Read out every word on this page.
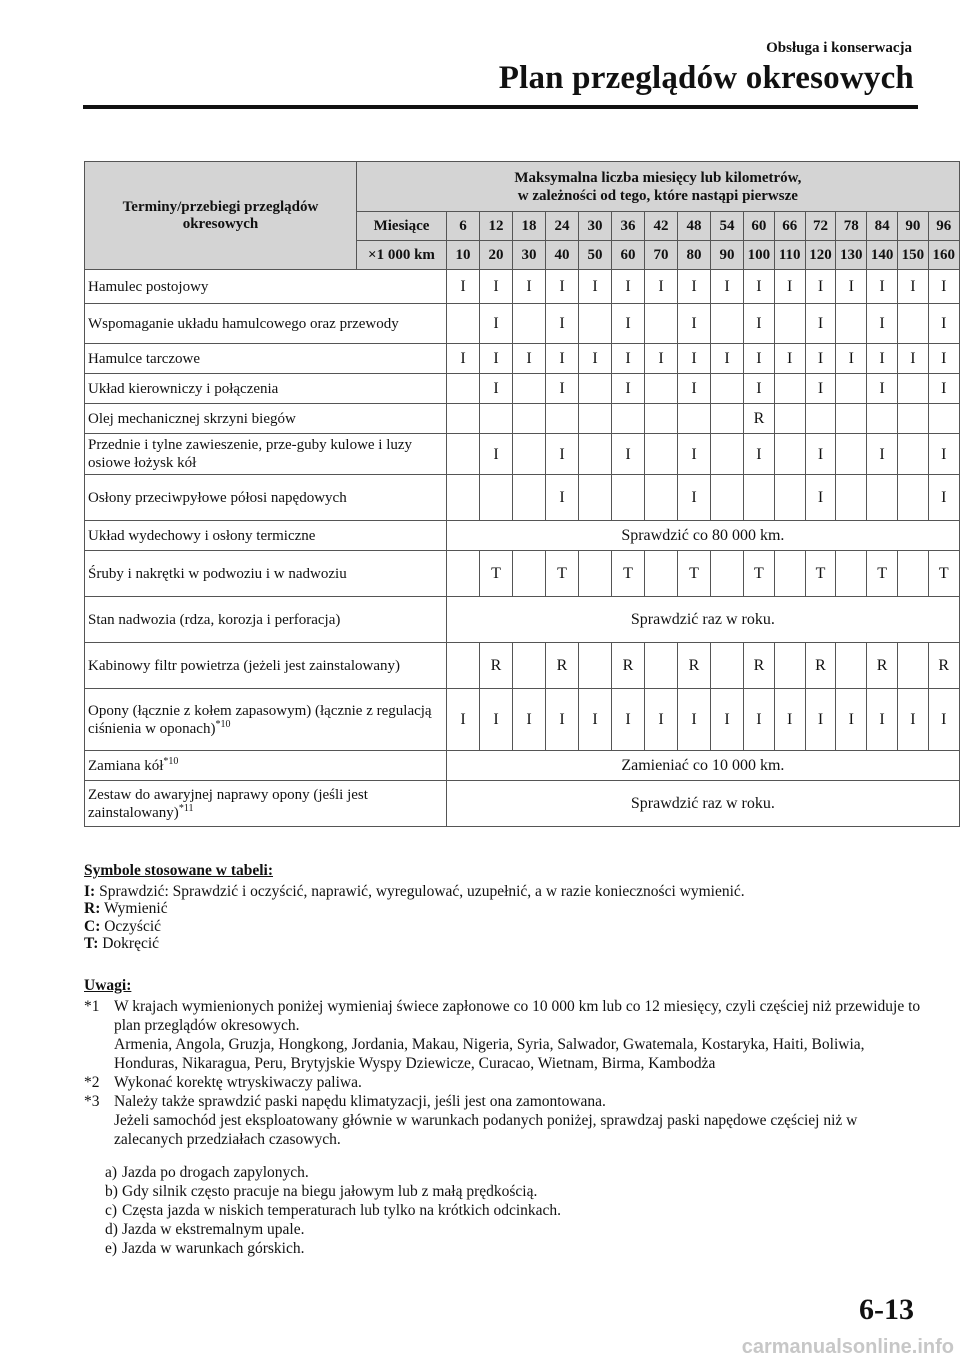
Obsługa i konserwacja
Plan przeglądów okresowych
Terminy/przebiegi przeglądów okresowych	Maksymalna liczba miesięcy lub kilometrów,
w zależności od tego, które nastąpi pierwsze																
	Miesiące	6	12	18	24	30	36	42	48	54	60	66	72	78	84	90	96
	×1 000 km	10	20	30	40	50	60	70	80	90	100	110	120	130	140	150	160
Hamulec postojowy		I	I	I	I	I	I	I	I	I	I	I	I	I	I	I	I
Wspomaganie układu hamulcowego oraz przewody			I		I		I		I		I		I		I		I
Hamulce tarczowe		I	I	I	I	I	I	I	I	I	I	I	I	I	I	I	I
Układ kierowniczy i połączenia			I		I		I		I		I		I		I		I
Olej mechanicznej skrzyni biegów											R						
Przednie i tylne zawieszenie, prze-guby kulowe i luzy osiowe łożysk kół			I		I		I		I		I		I		I		I
Osłony przeciwpyłowe półosi napędowych					I				I				I				I
Układ wydechowy i osłony termiczne		Sprawdzić co 80 000 km.															
Śruby i nakrętki w podwoziu i w nadwoziu			T		T		T		T		T		T		T		T
Stan nadwozia (rdza, korozja i perforacja)		Sprawdzić raz w roku.															
Kabinowy filtr powietrza (jeżeli jest zainstalowany)			R		R		R		R		R		R		R		R
Opony (łącznie z kołem zapasowym) (łącznie z regulacją ciśnienia w oponach)$^{*10}$		I	I	I	I	I	I	I	I	I	I	I	I	I	I	I	I
Zamiana kół$^{*10}$		Zamieniać co 10 000 km.															
Zestaw do awaryjnej naprawy opony (jeśli jest zainstalowany)$^{*11}$		Sprawdzić raz w roku.															
Symbole stosowane w tabeli:
I: Sprawdzić: Sprawdzić i oczyścić, naprawić, wyregulować, uzupełnić, a w razie konieczności wymienić.
R: Wymienić
C: Oczyścić
T: Dokręcić
Uwagi:
*1 W krajach wymienionych poniżej wymieniaj świece zapłonowe co 10 000 km lub co 12 miesięcy, czyli częściej niż przewiduje to plan przeglądów okresowych.
Armenia, Angola, Gruzja, Hongkong, Jordania, Makau, Nigeria, Syria, Salwador, Gwatemala, Kostaryka, Haiti, Boliwia, Honduras, Nikaragua, Peru, Brytyjskie Wyspy Dziewicze, Curacao, Wietnam, Birma, Kambodża
*2 Wykonać korektę wtryskiwaczy paliwa.
*3 Należy także sprawdzić paski napędu klimatyzacji, jeśli jest ona zamontowana.
Jeżeli samochód jest eksploatowany głównie w warunkach podanych poniżej, sprawdzaj paski napędowe częściej niż w zalecanych przedziałach czasowych.
a) Jazda po drogach zapylonych.
b) Gdy silnik często pracuje na biegu jałowym lub z małą prędkością.
c) Częsta jazda w niskich temperaturach lub tylko na krótkich odcinkach.
d) Jazda w ekstremalnym upale.
e) Jazda w warunkach górskich.
6-13
carmanualsonline.info
